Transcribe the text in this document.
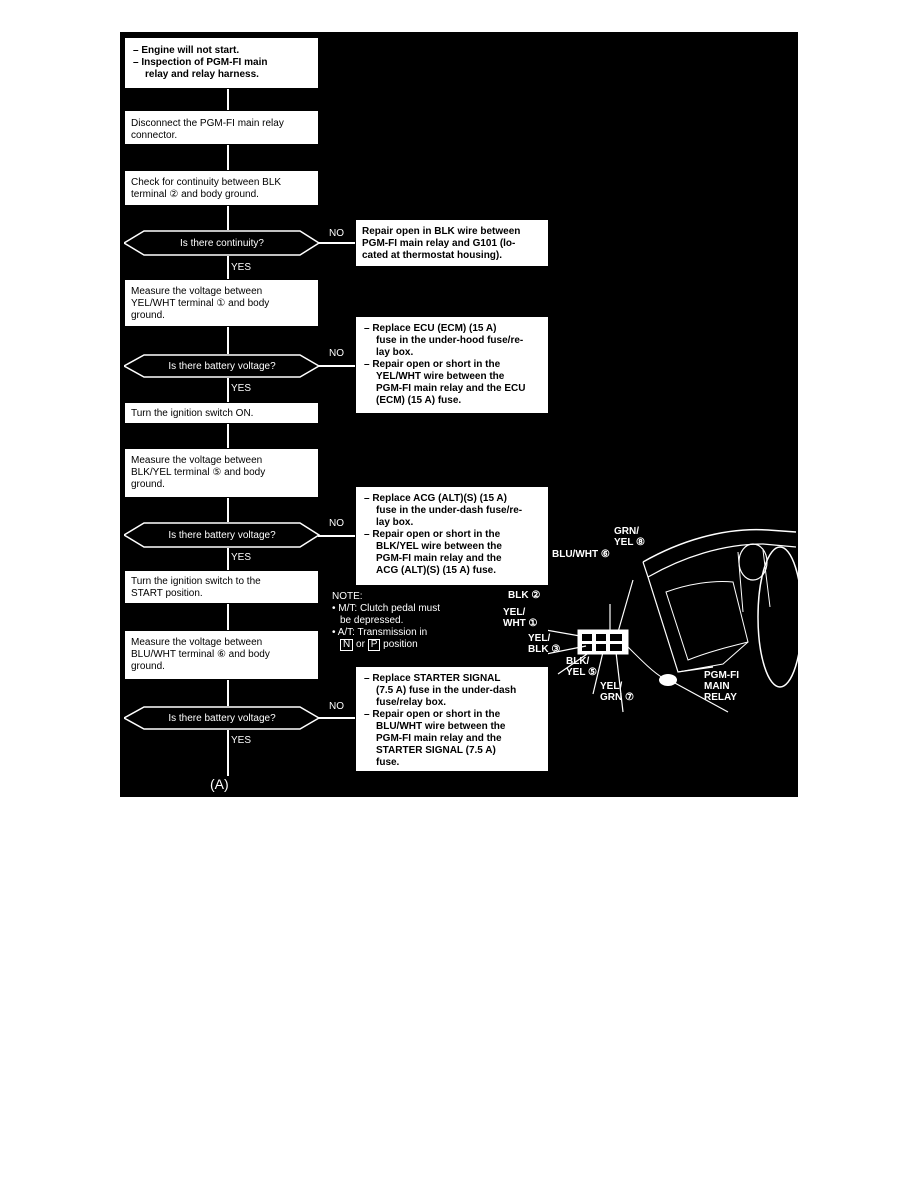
– Engine will not start.
– Inspection of PGM-FI main
relay and relay harness.
Disconnect the PGM-FI main relay
connector.
Check for continuity between BLK
terminal ② and body ground.
Measure the voltage between
YEL/WHT terminal ① and body
ground.
Turn the ignition switch ON.
Measure the voltage between
BLK/YEL terminal ⑤ and body
ground.
Turn the ignition switch to the
START position.
Measure the voltage between
BLU/WHT terminal ⑥ and body
ground.
Is there continuity?
Is there battery voltage?
Is there battery voltage?
Is there battery voltage?
YES
YES
YES
YES
NO
NO
NO
NO
Repair open in BLK wire between
PGM-FI main relay and G101 (lo-
cated at thermostat housing).
– Replace ECU (ECM) (15 A)
fuse in the under-hood fuse/re-
lay box.
– Repair open or short in the
YEL/WHT wire between the
PGM-FI main relay and the ECU
(ECM) (15 A) fuse.
– Replace ACG (ALT)(S) (15 A)
fuse in the under-dash fuse/re-
lay box.
– Repair open or short in the
BLK/YEL wire between the
PGM-FI main relay and the
ACG (ALT)(S) (15 A) fuse.
– Replace STARTER SIGNAL
(7.5 A) fuse in the under-dash
fuse/relay box.
– Repair open or short in the
BLU/WHT wire between the
PGM-FI main relay and the
STARTER SIGNAL (7.5 A)
fuse.
NOTE:
• M/T: Clutch pedal must
be depressed.
• A/T: Transmission in
N or P position
(A)
GRN/
YEL ⑧
BLU/WHT ⑥
BLK ②
YEL/
WHT ①
YEL/
BLK ③
BLK/
YEL ⑤
YEL/
GRN ⑦
PGM-FI
MAIN
RELAY
